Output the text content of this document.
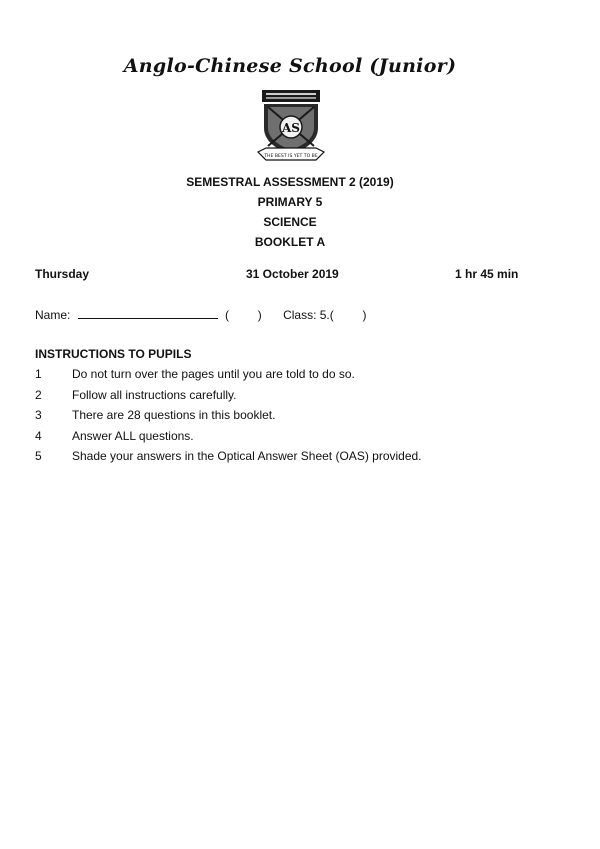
Anglo-Chinese School (Junior)
AS
THE BEST IS YET TO BE
SEMESTRAL ASSESSMENT 2 (2019)
PRIMARY 5
SCIENCE
BOOKLET A
Thursday	31 October 2019	1 hr 45 min
Name:	( ) Class: 5.( )
INSTRUCTIONS TO PUPILS
1	Do not turn over the pages until you are told to do so.
2	Follow all instructions carefully.
3	There are 28 questions in this booklet.
4	Answer ALL questions.
5	Shade your answers in the Optical Answer Sheet (OAS) provided.
